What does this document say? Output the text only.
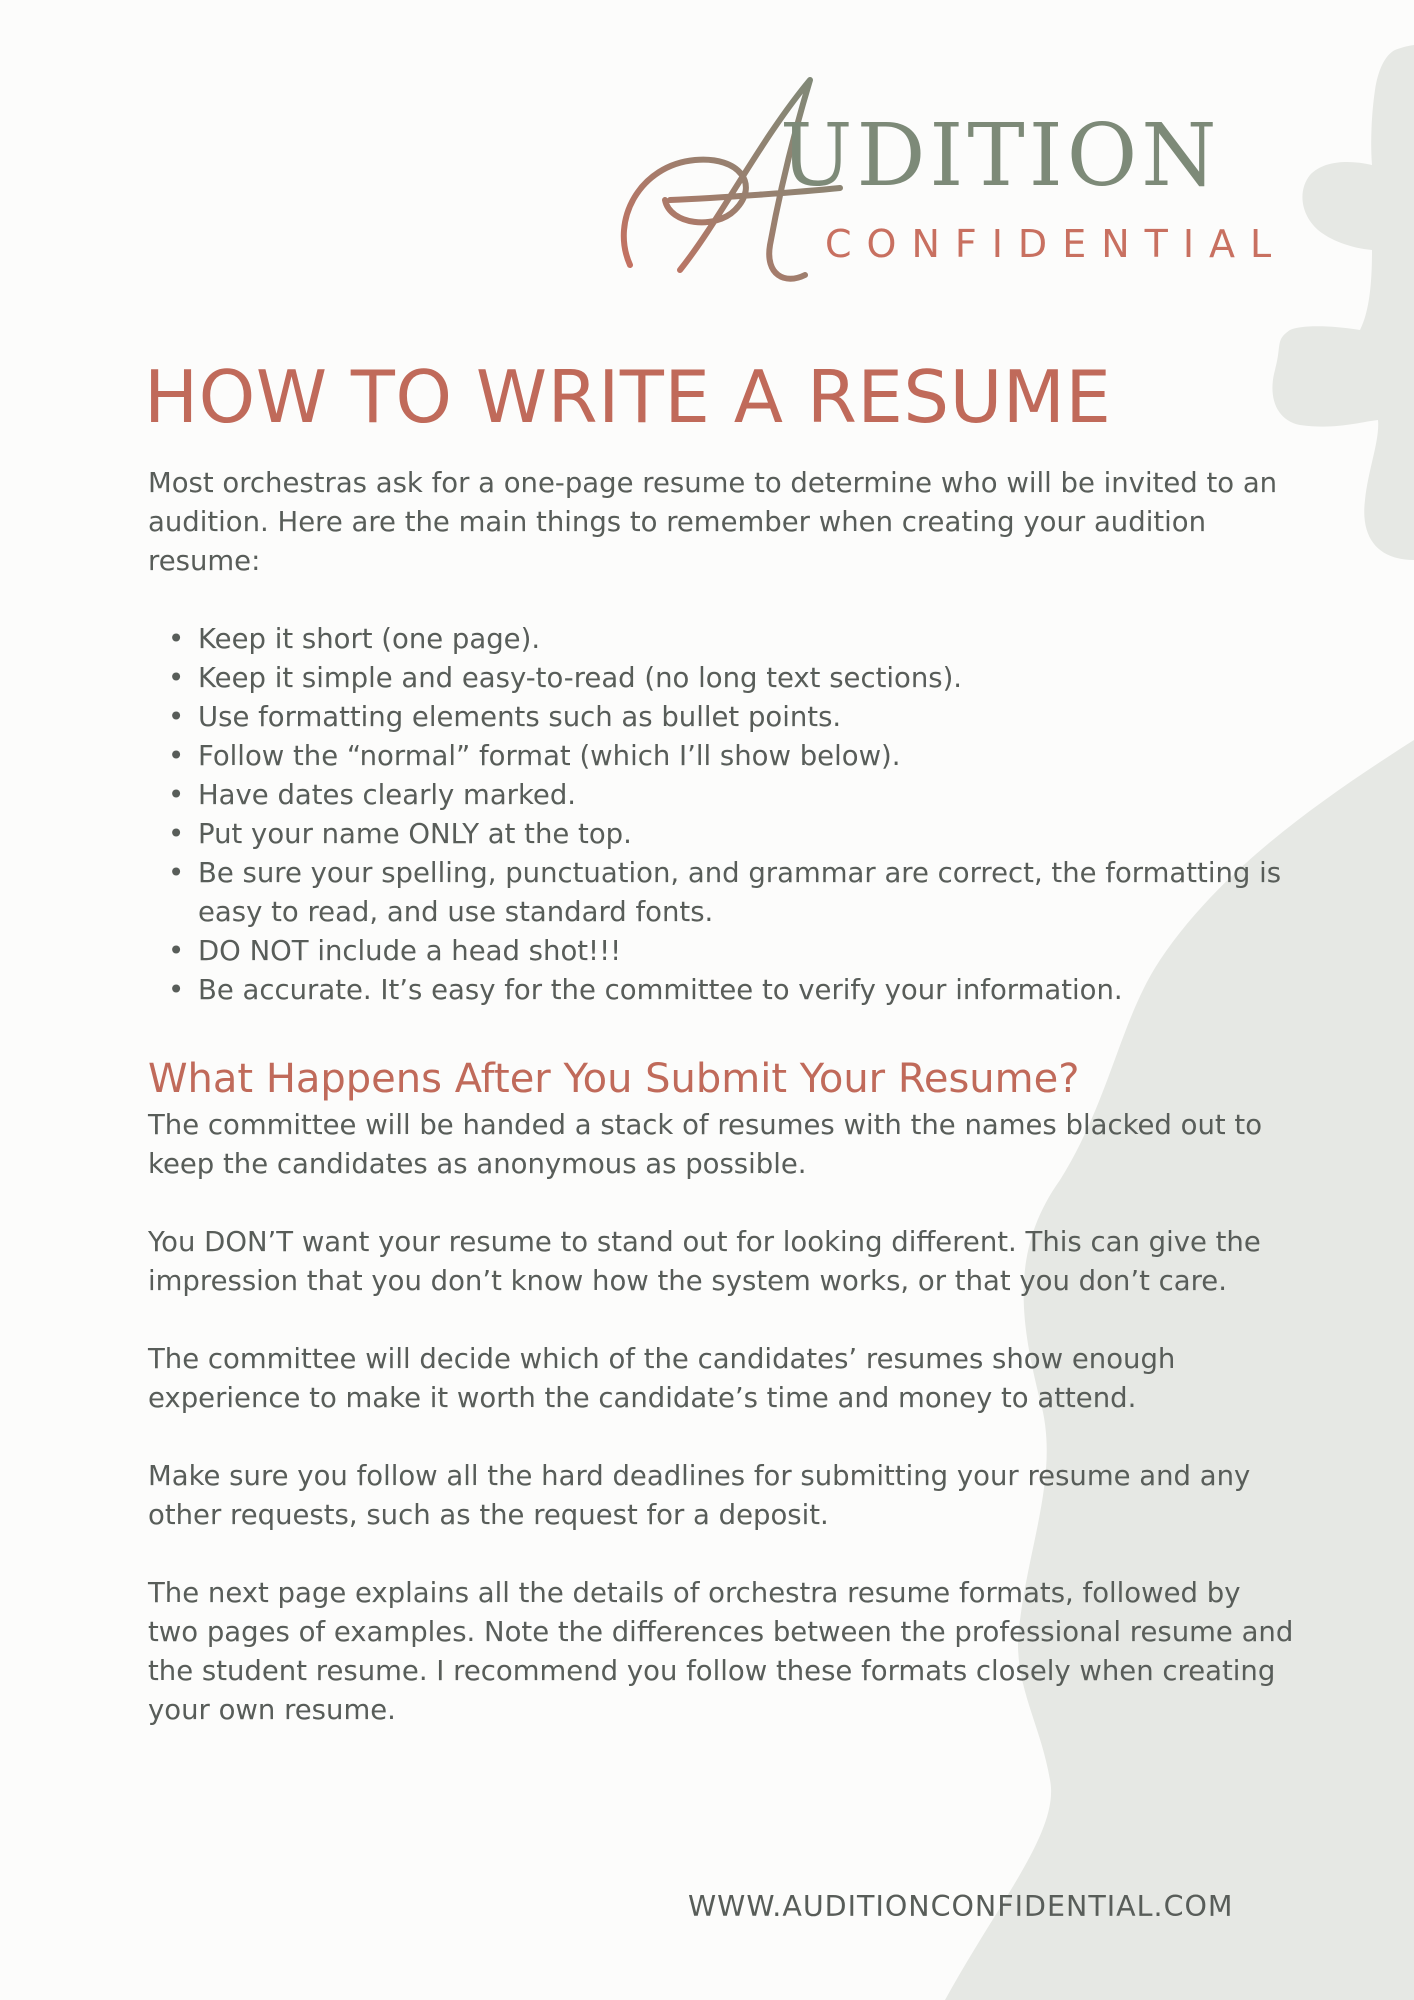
UDITION
CONFIDENTIAL
HOW TO WRITE A RESUME

Most orchestras ask for a one-page resume to determine who will be invited to an audition. Here are the main things to remember when creating your audition resume:

• Keep it short (one page).
• Keep it simple and easy-to-read (no long text sections).
• Use formatting elements such as bullet points.
• Follow the “normal” format (which I’ll show below).
• Have dates clearly marked.
• Put your name ONLY at the top.
• Be sure your spelling, punctuation, and grammar are correct, the formatting is easy to read, and use standard fonts.
• DO NOT include a head shot!!!
• Be accurate. It’s easy for the committee to verify your information.
What Happens After You Submit Your Resume?

The committee will be handed a stack of resumes with the names blacked out to keep the candidates as anonymous as possible.

You DON’T want your resume to stand out for looking different. This can give the impression that you don’t know how the system works, or that you don’t care.

The committee will decide which of the candidates’ resumes show enough experience to make it worth the candidate’s time and money to attend.

Make sure you follow all the hard deadlines for submitting your resume and any other requests, such as the request for a deposit.

The next page explains all the details of orchestra resume formats, followed by two pages of examples. Note the differences between the professional resume and the student resume. I recommend you follow these formats closely when creating your own resume.

WWW.AUDITIONCONFIDENTIAL.COM
